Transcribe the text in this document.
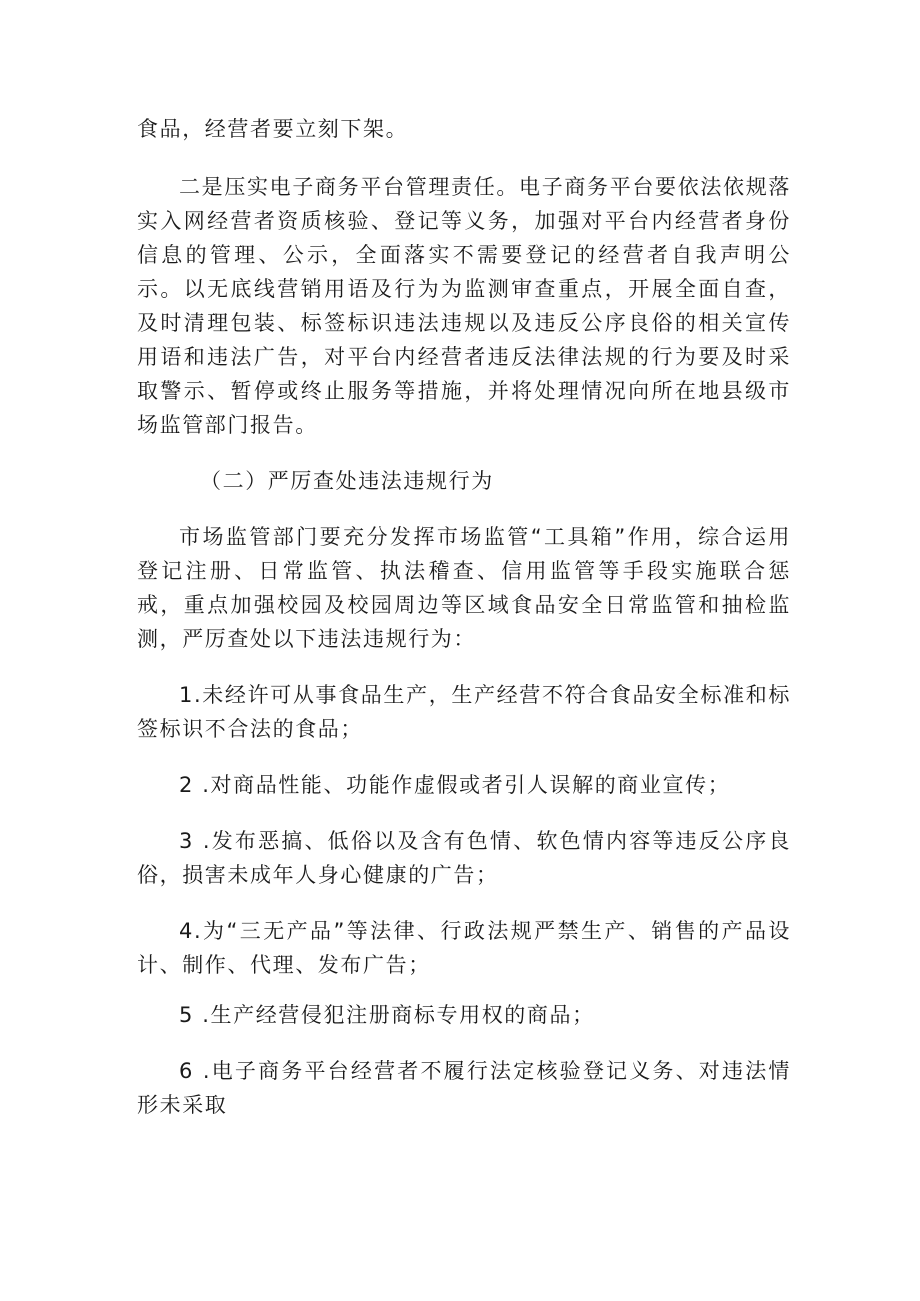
食品，经营者要立刻下架。

二是压实电子商务平台管理责任。电子商务平台要依法依规落实入网经营者资质核验、登记等义务，加强对平台内经营者身份信息的管理、公示，全面落实不需要登记的经营者自我声明公示。以无底线营销用语及行为为监测审查重点，开展全面自查，及时清理包装、标签标识违法违规以及违反公序良俗的相关宣传用语和违法广告，对平台内经营者违反法律法规的行为要及时采取警示、暂停或终止服务等措施，并将处理情况向所在地县级市场监管部门报告。

（二）严厉查处违法违规行为

市场监管部门要充分发挥市场监管“工具箱”作用，综合运用登记注册、日常监管、执法稽查、信用监管等手段实施联合惩戒，重点加强校园及校园周边等区域食品安全日常监管和抽检监测，严厉查处以下违法违规行为：

1.未经许可从事食品生产，生产经营不符合食品安全标准和标签标识不合法的食品；

2 .对商品性能、功能作虚假或者引人误解的商业宣传；

3 .发布恶搞、低俗以及含有色情、软色情内容等违反公序良俗，损害未成年人身心健康的广告；

4.为“三无产品”等法律、行政法规严禁生产、销售的产品设计、制作、代理、发布广告；

5 .生产经营侵犯注册商标专用权的商品；

6 .电子商务平台经营者不履行法定核验登记义务、对违法情形未采取
